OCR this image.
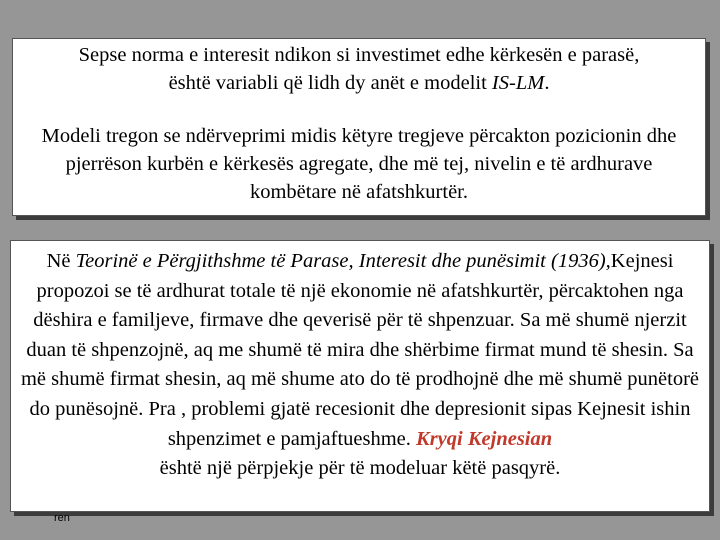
Sepse norma e interesit ndikon si investimet edhe kërkesën e parasë,
është variabli që lidh dy anët e modelit IS-LM.

Modeli tregon se ndërveprimi midis këtyre tregjeve përcakton pozicionin dhe pjerrëson kurbën e kërkesës agregate, dhe më tej, nivelin e të ardhurave kombëtare në afatshkurtër.

Në Teorinë e Përgjithshme të Parase, Interesit dhe punësimit (1936),Kejnesi propozoi se të ardhurat totale të një ekonomie në afatshkurtër, përcaktohen nga dëshira e familjeve, firmave dhe qeverisë për të shpenzuar. Sa më shumë njerzit duan të shpenzojnë, aq me shumë të mira dhe shërbime firmat mund të shesin. Sa më shumë firmat shesin, aq më shume ato do të prodhojnë dhe më shumë punëtorë do punësojnë. Pra , problemi gjatë recesionit dhe depresionit sipas Kejnesit ishin shpenzimet e pamjaftueshme. Kryqi Kejnesian
është një përpjekje për të modeluar këtë pasqyrë.

ren
